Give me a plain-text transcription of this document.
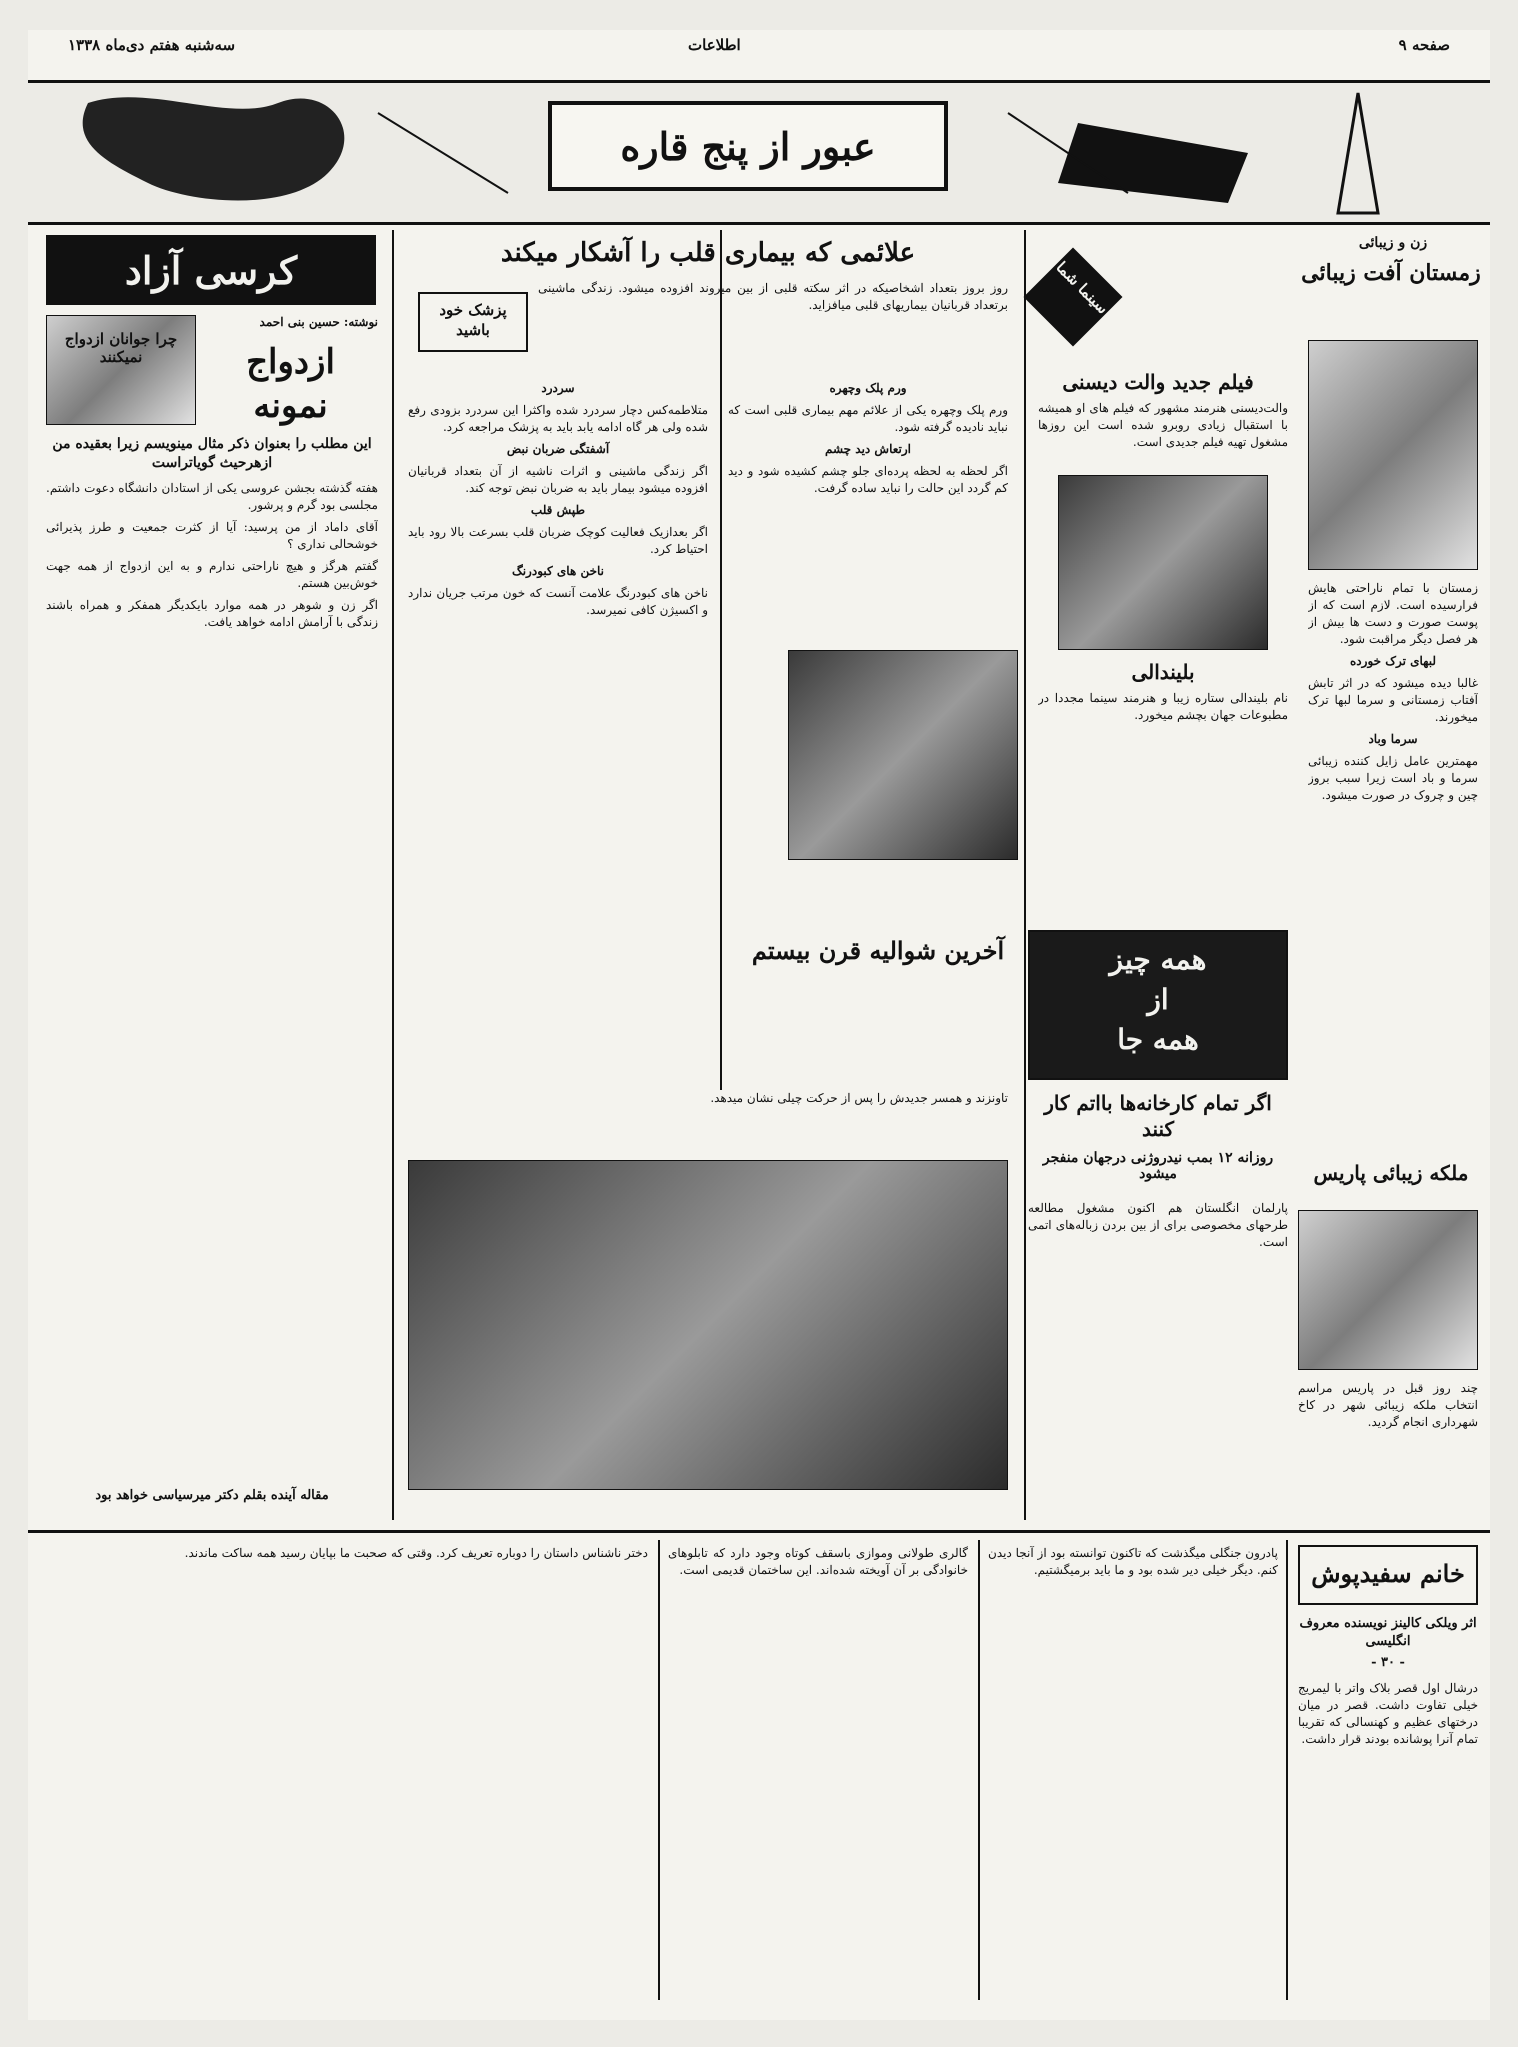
صفحه ۹
اطلاعات
سه‌شنبه هفتم دی‌ماه ۱۳۳۸
عبور از پنج قاره
کرسی آزاد
چرا جوانان ازدواج نمیکنند
نوشته: حسین بنی احمد
ازدواج نمونه
این مطلب را بعنوان ذکر مثال مینویسم زیرا بعقیده من ازهرحیث گویاتراست

هفته گذشته بجشن عروسی یکی از استادان دانشگاه دعوت داشتم. مجلسی بود گرم و پرشور.

آقای داماد از من پرسید: آیا از کثرت جمعیت و طرز پذیرائی خوشحالی نداری ؟

گفتم هرگز و هیچ ناراحتی ندارم و به این ازدواج از همه جهت خوش‌بین هستم.

اگر زن و شوهر در همه موارد بایکدیگر همفکر و همراه باشند زندگی با آرامش ادامه خواهد یافت.

مقاله آینده بقلم دکتر میرسیاسی خواهد بود
علائمی که بیماری قلب را آشکار میکند
پزشک خود باشید
روز بروز بتعداد اشخاصیکه در اثر سکته قلبی از بین میروند افزوده میشود. زندگی ماشینی برتعداد قربانیان بیماریهای قلبی میافزاید.

سردرد

متلاطمه‌کس دچار سردرد شده واکثرا این سردرد بزودی رفع شده ولی هر گاه ادامه یابد باید به پزشک مراجعه کرد.

آشفتگی ضربان نبض

اگر زندگی ماشینی و اثرات ناشیه از آن بتعداد قربانیان افزوده میشود بیمار باید به ضربان نبض توجه کند.

طپش قلب

اگر بعدازیک فعالیت کوچک ضربان قلب بسرعت بالا رود باید احتیاط کرد.

ناخن های کبودرنگ

ناخن های کبودرنگ علامت آنست که خون مرتب جریان ندارد و اکسیژن کافی نمیرسد.

ورم پلک وچهره

ورم پلک وچهره یکی از علائم مهم بیماری قلبی است که نباید نادیده گرفته شود.

ارتعاش دید چشم

اگر لحظه به لحظه پرده‌ای جلو چشم کشیده شود و دید کم گردد این حالت را نباید ساده گرفت.

سینما شما
فیلم جدید والت دیسنی
والت‌دیسنی هنرمند مشهور که فیلم های او همیشه با استقبال زیادی روبرو شده است این روزها مشغول تهیه فیلم جدیدی است.
بلیندالی
نام بلیندالی ستاره زیبا و هنرمند سینما مجددا در مطبوعات جهان بچشم میخورد.
همه چیز
از
همه جا
اگر تمام کارخانه‌ها بااتم کار کنند
روزانه ۱۲ بمب نیدروژنی درجهان منفجر میشود
پارلمان انگلستان هم اکنون مشغول مطالعه طرحهای مخصوصی برای از بین بردن زباله‌های اتمی است.
آخرین شوالیه قرن بیستم
تاونزند و همسر جدیدش را پس از حرکت چیلی نشان میدهد.
زن و زیبائی
زمستان آفت زیبائی

زمستان با تمام ناراحتی هایش فرارسیده است. لازم است که از پوست صورت و دست ها بیش از هر فصل دیگر مراقبت شود.

لبهای ترک خورده

غالبا دیده میشود که در اثر تابش آفتاب زمستانی و سرما لبها ترک میخورند.

سرما وباد

مهمترین عامل زایل کننده زیبائی سرما و باد است زیرا سبب بروز چین و چروک در صورت میشود.

ملکه زیبائی پاریس
چند روز قبل در پاریس مراسم انتخاب ملکه زیبائی شهر در کاخ شهرداری انجام گردید.
خانم سفیدپوش
اثر ویلکی کالینز نویسنده معروف انگلیسی
- ۳۰ -
درشال اول قصر بلاک واتر با لیمریج خیلی تفاوت داشت. قصر در میان درختهای عظیم و کهنسالی که تقریبا تمام آنرا پوشانده بودند قرار داشت.
پادرون جنگلی میگذشت که تاکنون توانسته بود از آنجا دیدن کنم. دیگر خیلی دیر شده بود و ما باید برمیگشتیم.
گالری طولانی وموازی باسقف کوتاه وجود دارد که تابلوهای خانوادگی بر آن آویخته شده‌اند. این ساختمان قدیمی است.
دختر ناشناس داستان را دوباره تعریف کرد. وقتی که صحبت ما بپایان رسید همه ساکت ماندند.
